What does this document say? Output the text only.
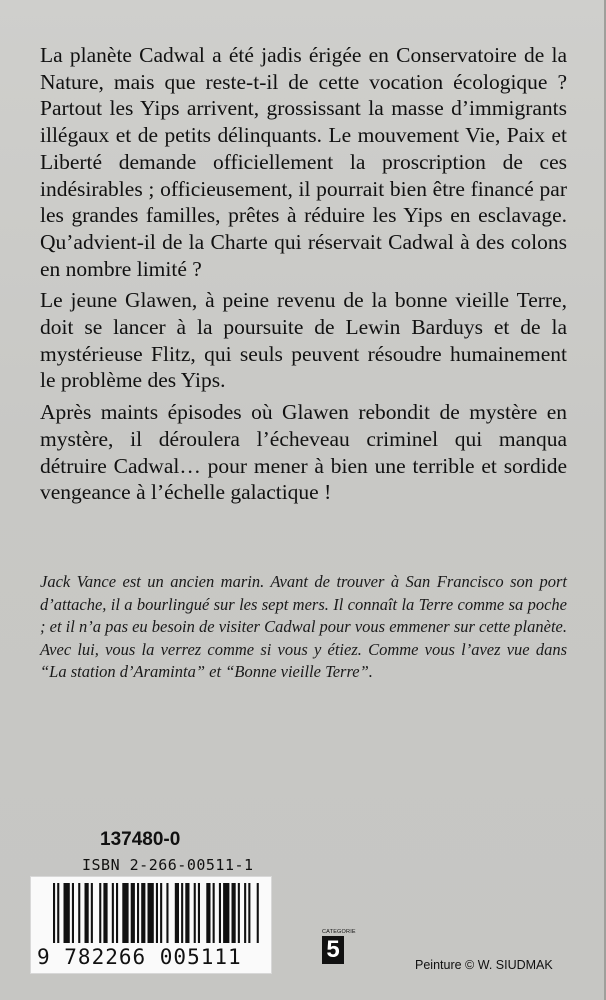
La planète Cadwal a été jadis érigée en Conservatoire de la Nature, mais que reste-t-il de cette vocation écologique ? Partout les Yips arrivent, grossissant la masse d’immigrants illégaux et de petits délinquants. Le mouvement Vie, Paix et Liberté demande officiellement la proscription de ces indésirables ; officieusement, il pourrait bien être financé par les grandes familles, prêtes à réduire les Yips en esclavage. Qu’advient-il de la Charte qui réservait Cadwal à des colons en nombre limité ?

Le jeune Glawen, à peine revenu de la bonne vieille Terre, doit se lancer à la poursuite de Lewin Barduys et de la mystérieuse Flitz, qui seuls peuvent résoudre humainement le problème des Yips.

Après maints épisodes où Glawen rebondit de mystère en mystère, il déroulera l’écheveau criminel qui manqua détruire Cadwal… pour mener à bien une terrible et sordide vengeance à l’échelle galactique !

Jack Vance est un ancien marin. Avant de trouver à San Francisco son port d’attache, il a bourlingué sur les sept mers. Il connaît la Terre comme sa poche ; et il n’a pas eu besoin de visiter Cadwal pour vous emmener sur cette planète. Avec lui, vous la verrez comme si vous y étiez. Comme vous l’avez vue dans “La station d’Araminta” et “Bonne vieille Terre”.
137480-0
ISBN 2-266-00511-1
9 782266 005111
CATEGORIE
5
Peinture © W. SIUDMAK
